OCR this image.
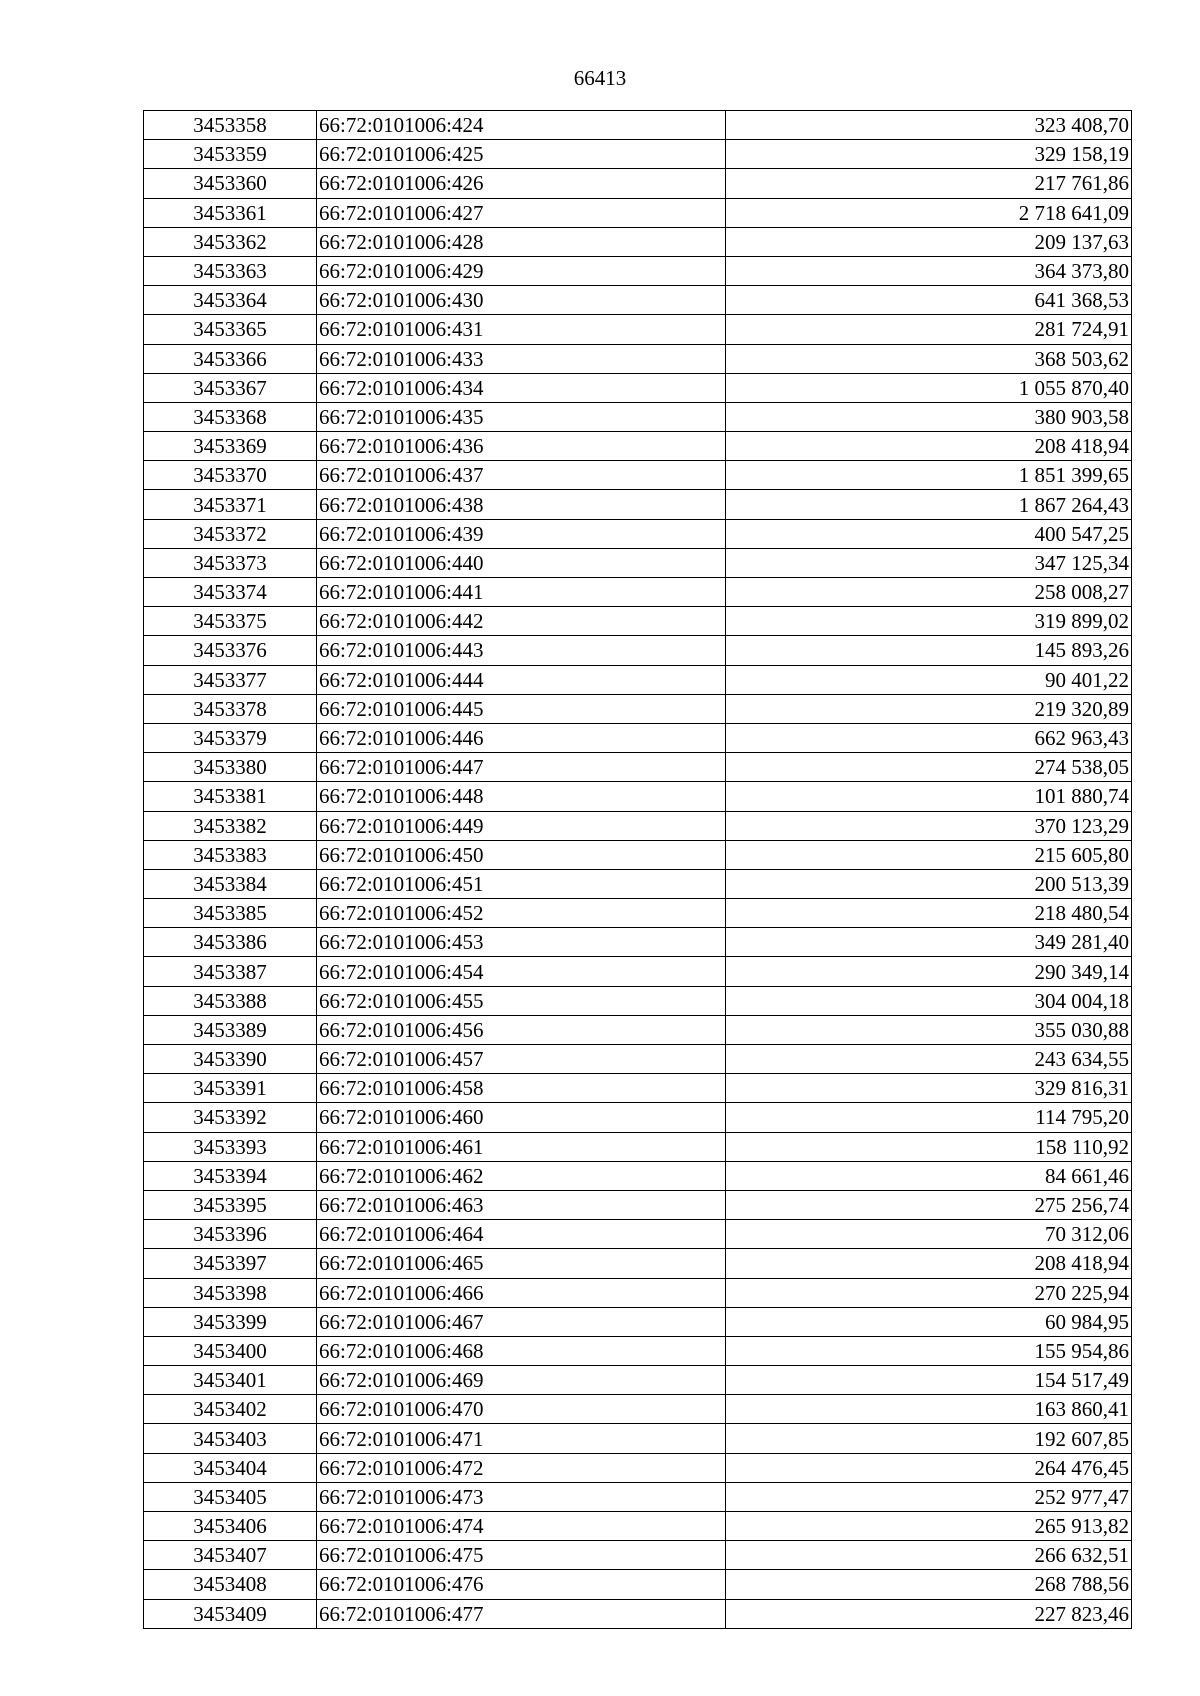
66413
3453358	66:72:0101006:424	323 408,70
3453359	66:72:0101006:425	329 158,19
3453360	66:72:0101006:426	217 761,86
3453361	66:72:0101006:427	2 718 641,09
3453362	66:72:0101006:428	209 137,63
3453363	66:72:0101006:429	364 373,80
3453364	66:72:0101006:430	641 368,53
3453365	66:72:0101006:431	281 724,91
3453366	66:72:0101006:433	368 503,62
3453367	66:72:0101006:434	1 055 870,40
3453368	66:72:0101006:435	380 903,58
3453369	66:72:0101006:436	208 418,94
3453370	66:72:0101006:437	1 851 399,65
3453371	66:72:0101006:438	1 867 264,43
3453372	66:72:0101006:439	400 547,25
3453373	66:72:0101006:440	347 125,34
3453374	66:72:0101006:441	258 008,27
3453375	66:72:0101006:442	319 899,02
3453376	66:72:0101006:443	145 893,26
3453377	66:72:0101006:444	90 401,22
3453378	66:72:0101006:445	219 320,89
3453379	66:72:0101006:446	662 963,43
3453380	66:72:0101006:447	274 538,05
3453381	66:72:0101006:448	101 880,74
3453382	66:72:0101006:449	370 123,29
3453383	66:72:0101006:450	215 605,80
3453384	66:72:0101006:451	200 513,39
3453385	66:72:0101006:452	218 480,54
3453386	66:72:0101006:453	349 281,40
3453387	66:72:0101006:454	290 349,14
3453388	66:72:0101006:455	304 004,18
3453389	66:72:0101006:456	355 030,88
3453390	66:72:0101006:457	243 634,55
3453391	66:72:0101006:458	329 816,31
3453392	66:72:0101006:460	114 795,20
3453393	66:72:0101006:461	158 110,92
3453394	66:72:0101006:462	84 661,46
3453395	66:72:0101006:463	275 256,74
3453396	66:72:0101006:464	70 312,06
3453397	66:72:0101006:465	208 418,94
3453398	66:72:0101006:466	270 225,94
3453399	66:72:0101006:467	60 984,95
3453400	66:72:0101006:468	155 954,86
3453401	66:72:0101006:469	154 517,49
3453402	66:72:0101006:470	163 860,41
3453403	66:72:0101006:471	192 607,85
3453404	66:72:0101006:472	264 476,45
3453405	66:72:0101006:473	252 977,47
3453406	66:72:0101006:474	265 913,82
3453407	66:72:0101006:475	266 632,51
3453408	66:72:0101006:476	268 788,56
3453409	66:72:0101006:477	227 823,46
